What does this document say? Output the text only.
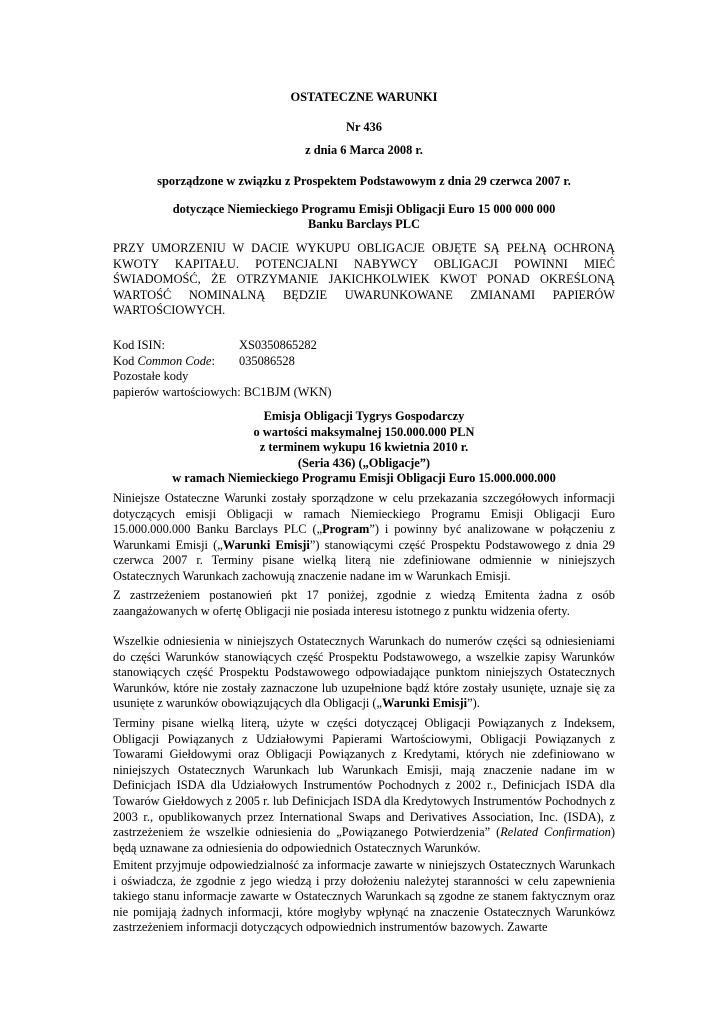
OSTATECZNE WARUNKI

Nr 436

z dnia 6 Marca 2008 r.

sporządzone w związku z Prospektem Podstawowym z dnia 29 czerwca 2007 r.

dotyczące Niemieckiego Programu Emisji Obligacji Euro 15 000 000 000

Banku Barclays PLC

PRZY UMORZENIU W DACIE WYKUPU OBLIGACJE OBJĘTE SĄ PEŁNĄ OCHRONĄ
KWOTY KAPITAŁU. POTENCJALNI NABYWCY OBLIGACJI POWINNI MIEĆ
ŚWIADOMOŚĆ, ŻE OTRZYMANIE JAKICHKOLWIEK KWOT PONAD OKREŚLONĄ
WARTOŚĆ NOMINALNĄ BĘDZIE UWARUNKOWANE ZMIANAMI PAPIERÓW
WARTOŚCIOWYCH.
Kod ISIN:	XS0350865282
Kod Common Code: 035086528
Pozostałe kody
papierów wartościowych: BC1BJM (WKN)
Emisja Obligacji Tygrys Gospodarczy
o wartości maksymalnej 150.000.000 PLN
z terminem wykupu 16 kwietnia 2010 r.
(Seria 436) („Obligacje”)
w ramach Niemieckiego Programu Emisji Obligacji Euro 15.000.000.000

Niniejsze Ostateczne Warunki zostały sporządzone w celu przekazania szczegółowych informacji dotyczących emisji Obligacji w ramach Niemieckiego Programu Emisji Obligacji Euro 15.000.000.000 Banku Barclays PLC („Program”) i powinny być analizowane w połączeniu z Warunkami Emisji („Warunki Emisji”) stanowiącymi część Prospektu Podstawowego z dnia 29 czerwca 2007 r. Terminy pisane wielką literą nie zdefiniowane odmiennie w niniejszych Ostatecznych Warunkach zachowują znaczenie nadane im w Warunkach Emisji.

Z zastrzeżeniem postanowień pkt 17 poniżej, zgodnie z wiedzą Emitenta żadna z osób zaangażowanych w ofertę Obligacji nie posiada interesu istotnego z punktu widzenia oferty.

Wszelkie odniesienia w niniejszych Ostatecznych Warunkach do numerów części są odniesieniami do części Warunków stanowiących część Prospektu Podstawowego, a wszelkie zapisy Warunków stanowiących część Prospektu Podstawowego odpowiadające punktom niniejszych Ostatecznych Warunków, które nie zostały zaznaczone lub uzupełnione bądź które zostały usunięte, uznaje się za usunięte z warunków obowiązujących dla Obligacji („Warunki Emisji”).

Terminy pisane wielką literą, użyte w części dotyczącej Obligacji Powiązanych z Indeksem, Obligacji Powiązanych z Udziałowymi Papierami Wartościowymi, Obligacji Powiązanych z Towarami Giełdowymi oraz Obligacji Powiązanych z Kredytami, których nie zdefiniowano w niniejszych Ostatecznych Warunkach lub Warunkach Emisji, mają znaczenie nadane im w Definicjach ISDA dla Udziałowych Instrumentów Pochodnych z 2002 r., Definicjach ISDA dla Towarów Giełdowych z 2005 r. lub Definicjach ISDA dla Kredytowych Instrumentów Pochodnych z 2003 r., opublikowanych przez International Swaps and Derivatives Association, Inc. (ISDA), z zastrzeżeniem że wszelkie odniesienia do „Powiązanego Potwierdzenia” (Related Confirmation) będą uznawane za odniesienia do odpowiednich Ostatecznych Warunków.

Emitent przyjmuje odpowiedzialność za informacje zawarte w niniejszych Ostatecznych Warunkach i oświadcza, że zgodnie z jego wiedzą i przy dołożeniu należytej staranności w celu zapewnienia takiego stanu informacje zawarte w Ostatecznych Warunkach są zgodne ze stanem faktycznym oraz nie pomijają żadnych informacji, które mogłyby wpłynąć na znaczenie Ostatecznych Warunkówz zastrzeżeniem informacji dotyczących odpowiednich instrumentów bazowych. Zawarte
